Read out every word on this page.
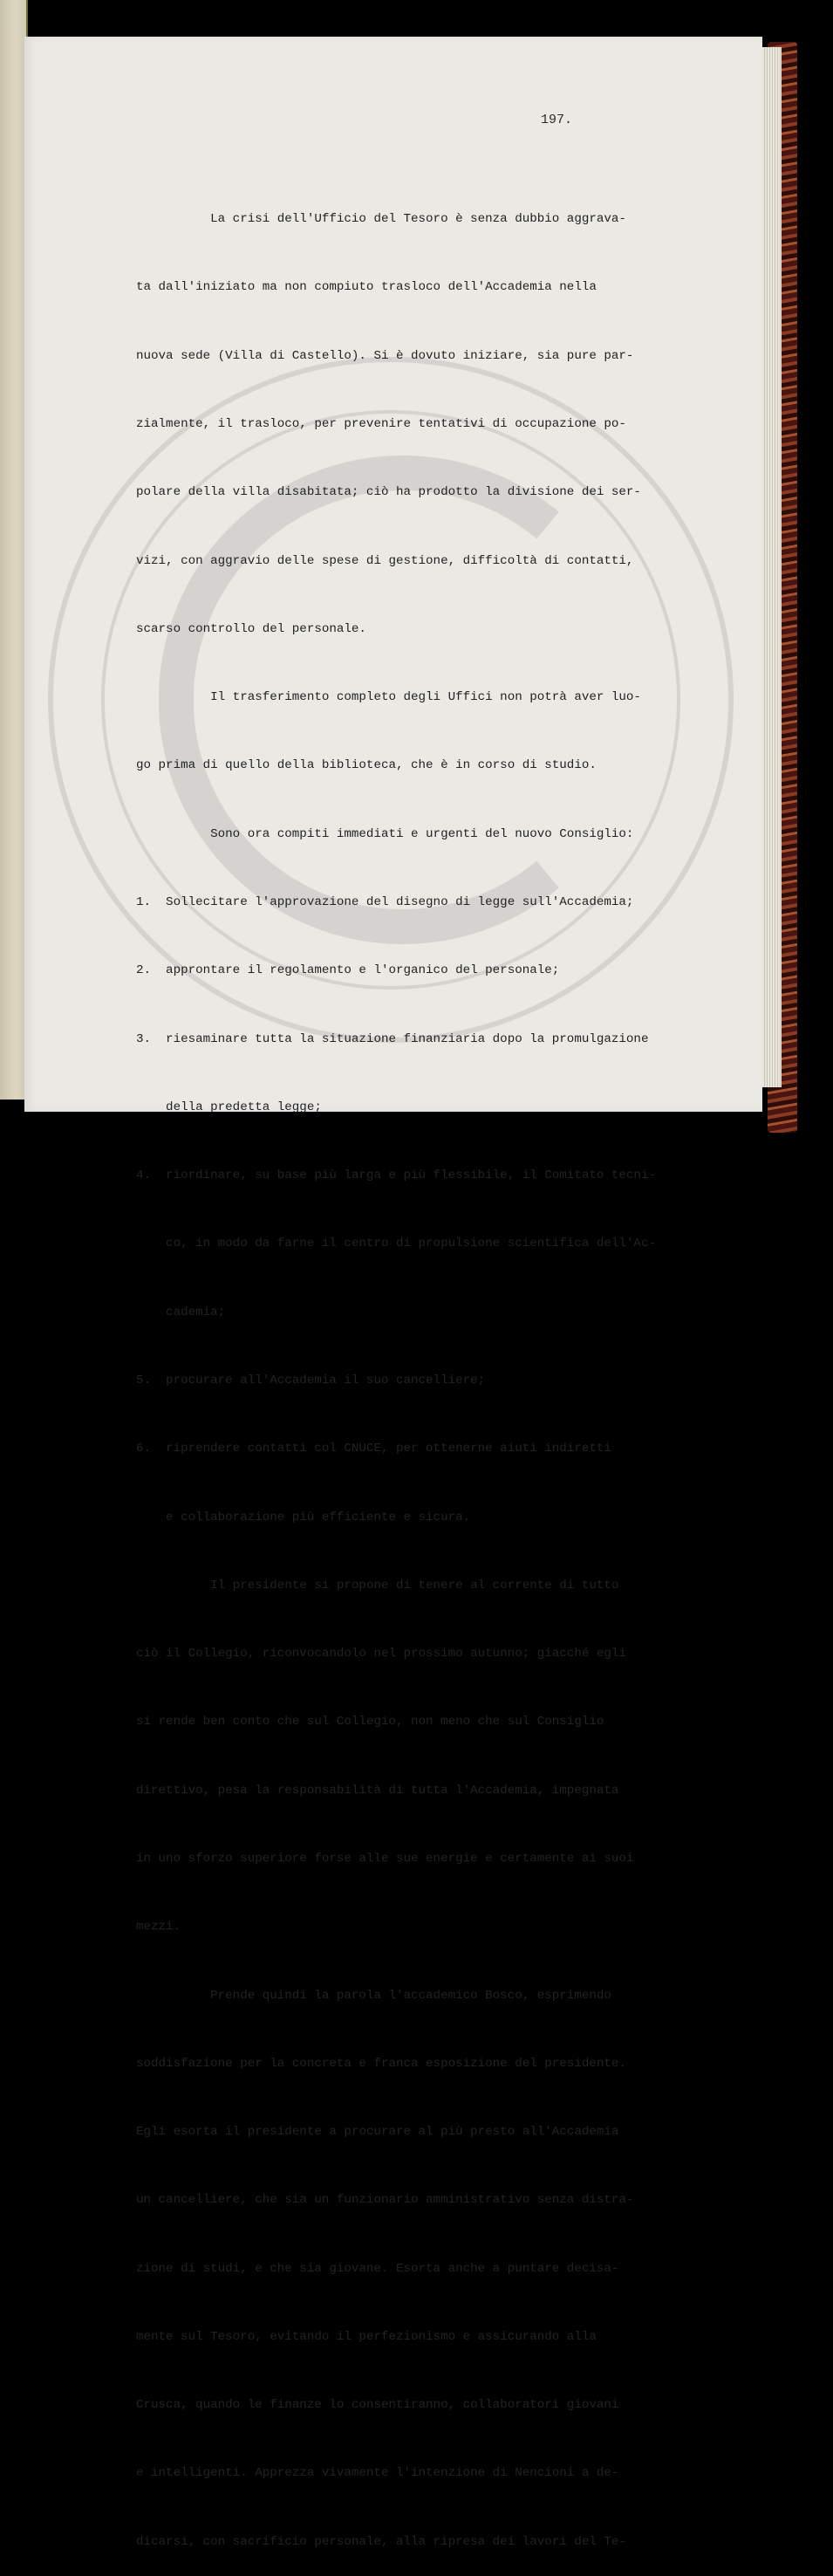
197.

La crisi dell'Ufficio del Tesoro è senza dubbio aggrava-

ta dall'iniziato ma non compiuto trasloco dell'Accademia nella

nuova sede (Villa di Castello). Si è dovuto iniziare, sia pure par-

zialmente, il trasloco, per prevenire tentativi di occupazione po-

polare della villa disabitata; ciò ha prodotto la divisione dei ser-

vizi, con aggravio delle spese di gestione, difficoltà di contatti,

scarso controllo del personale.

Il trasferimento completo degli Uffici non potrà aver luo-

go prima di quello della biblioteca, che è in corso di studio.

Sono ora compiti immediati e urgenti del nuovo Consiglio:

1.  Sollecitare l'approvazione del disegno di legge sull'Accademia;

2.  approntare il regolamento e l'organico del personale;

3.  riesaminare tutta la situazione finanziaria dopo la promulgazione

della predetta legge;

4.  riordinare, su base più larga e più flessibile, il Comitato tecni-

co, in modo da farne il centro di propulsione scientifica dell'Ac-

cademia;

5.  procurare all'Accademia il suo cancelliere;

6.  riprendere contatti col CNUCE, per ottenerne aiuti indiretti

e collaborazione più efficiente e sicura.

Il presidente si propone di tenere al corrente di tutto

ciò il Collegio, riconvocandolo nel prossimo autunno; giacché egli

si rende ben conto che sul Collegio, non meno che sul Consiglio

direttivo, pesa la responsabilità di tutta l'Accademia, impegnata

in uno sforzo superiore forse alle sue energie e certamente ai suoi

mezzi.

Prende quindi la parola l'accademico Bosco, esprimendo

soddisfazione per la concreta e franca esposizione del presidente.

Egli esorta il presidente a procurare al più presto all'Accademia

un cancelliere, che sia un funzionario amministrativo senza distra-

zione di studi, e che sia giovane. Esorta anche a puntare decisa-

mente sul Tesoro, evitando il perfezionismo e assicurando alla

Crusca, quando le finanze lo consentiranno, collaboratori giovani

e intelligenti. Apprezza vivamente l'intenzione di Nencioni a de-

dicarsi, con sacrificio personale, alla ripresa dei lavori del Te-
